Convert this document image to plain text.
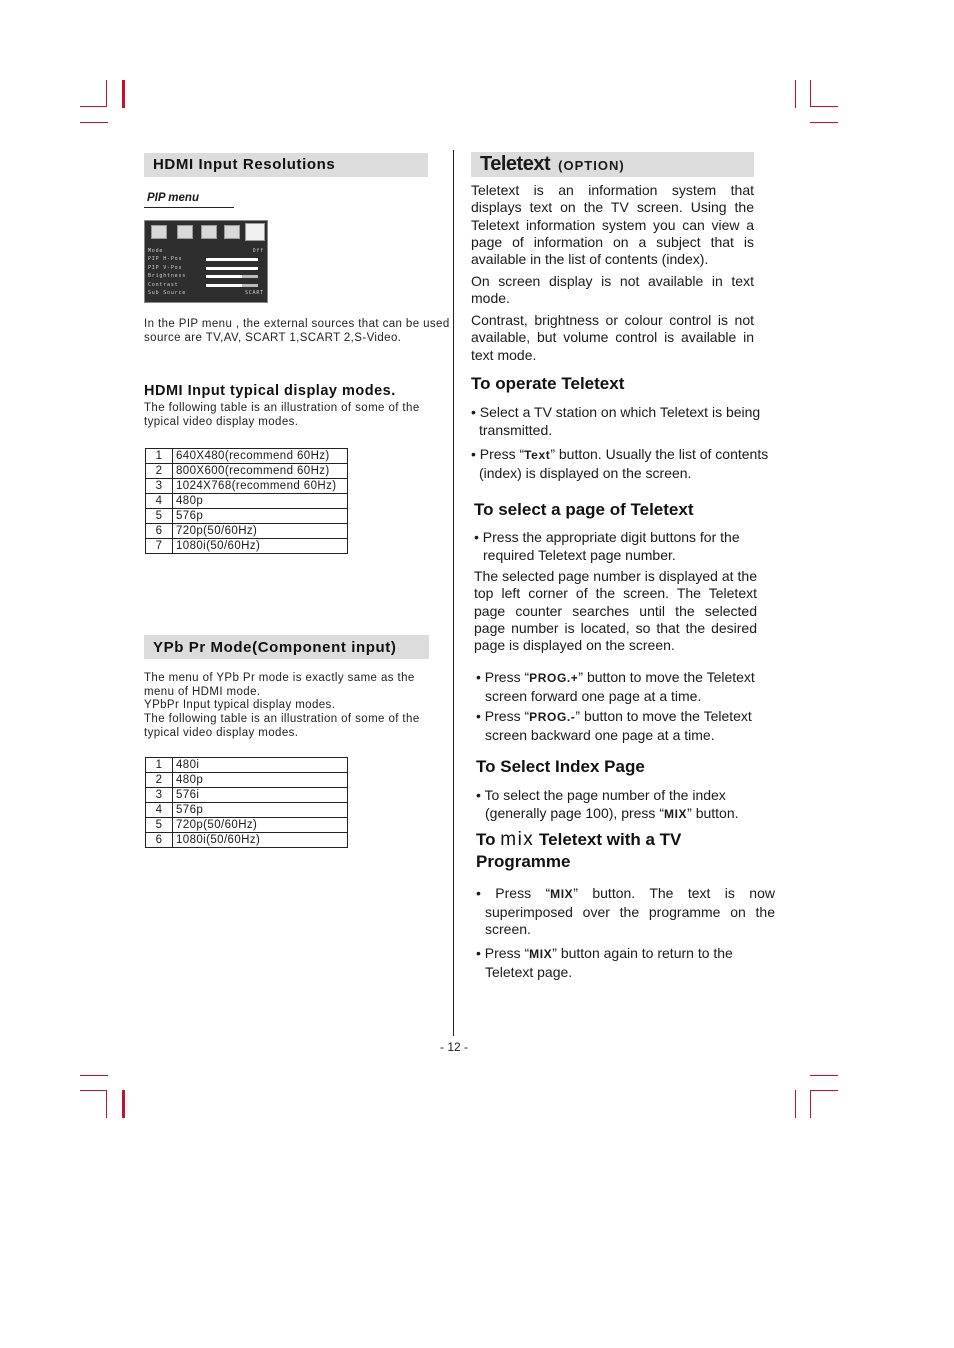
HDMI Input Resolutions
PIP menu
Mode	Off
PIP H-Pos
PIP V-Pos
Brightness
Contrast
Sub Source	SCART
In the PIP menu , the external sources that can be used source are TV,AV, SCART 1,SCART 2,S-Video.
HDMI Input typical display modes.
The following table is an illustration of some of the typical video display modes.
1	640X480(recommend 60Hz)
2	800X600(recommend 60Hz)
3	1024X768(recommend 60Hz)
4	480p
5	576p
6	720p(50/60Hz)
7	1080i(50/60Hz)
YPb Pr Mode(Component input)
The menu of YPb Pr mode is exactly same as the menu of HDMI mode.
YPbPr Input typical display modes.
The following table is an illustration of some of the typical video display modes.
1	480i
2	480p
3	576i
4	576p
5	720p(50/60Hz)
6	1080i(50/60Hz)
Teletext (OPTION)
Teletext is an information system that displays text on the TV screen. Using the Teletext information system you can view a page of information on a subject that is available in the list of contents (index).
On screen display is not available in text mode.
Contrast, brightness or colour control is not available, but volume control is available in text mode.
To operate Teletext
• Select a TV station on which Teletext is being transmitted.
• Press “Text” button. Usually the list of contents (index) is displayed on the screen.
To select a page of Teletext
• Press the appropriate digit buttons for the required Teletext page number.
The selected page number is displayed at the top left corner of the screen. The Teletext page counter searches until the selected page number is located, so that the desired page is displayed on the screen.
• Press “PROG.+” button to move the Teletext screen forward one page at a time.
• Press “PROG.-” button to move the Teletext screen backward one page at a time.
To Select Index Page
• To select the page number of the index (generally page 100), press “MIX” button.
To mix Teletext with a TV Programme
• Press “MIX” button. The text is now superimposed over the programme on the screen.
• Press “MIX” button again to return to the Teletext page.
- 12 -
